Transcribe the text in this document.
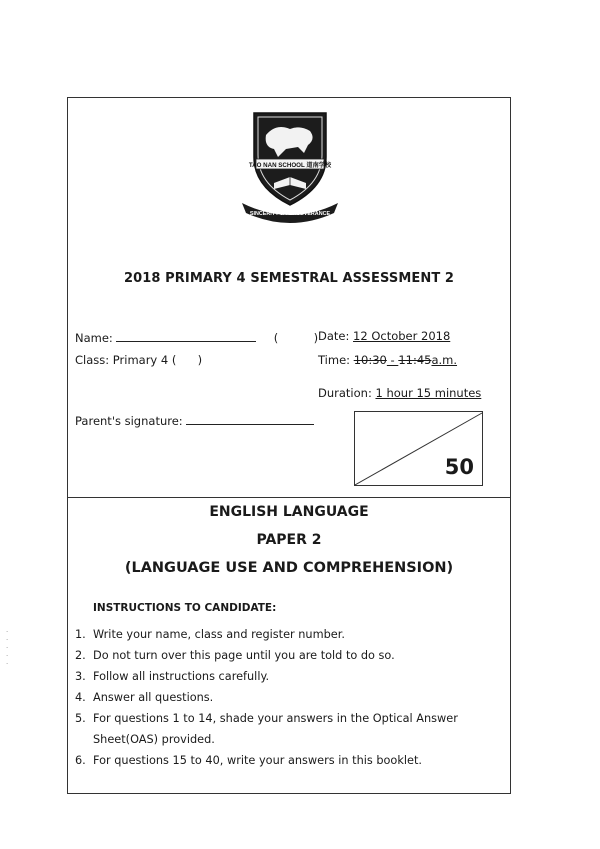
TAO NAN SCHOOL 道南学校
SINCERITY & PERSEVERANCE
2018 PRIMARY 4 SEMESTRAL ASSESSMENT 2
Name:	(	) Date: 12 October 2018
Class: Primary 4 ( )	Time: 10:30 - 11:45a.m.
Duration: 1 hour 15 minutes
Parent's signature:
50
ENGLISH LANGUAGE
PAPER 2
(LANGUAGE USE AND COMPREHENSION)
INSTRUCTIONS TO CANDIDATE:
1. Write your name, class and register number.
2. Do not turn over this page until you are told to do so.
3. Follow all instructions carefully.
4. Answer all questions.
5. For questions 1 to 14, shade your answers in the Optical Answer
Sheet(OAS) provided.
6. For questions 15 to 40, write your answers in this booklet.
·
·
·
·
·
